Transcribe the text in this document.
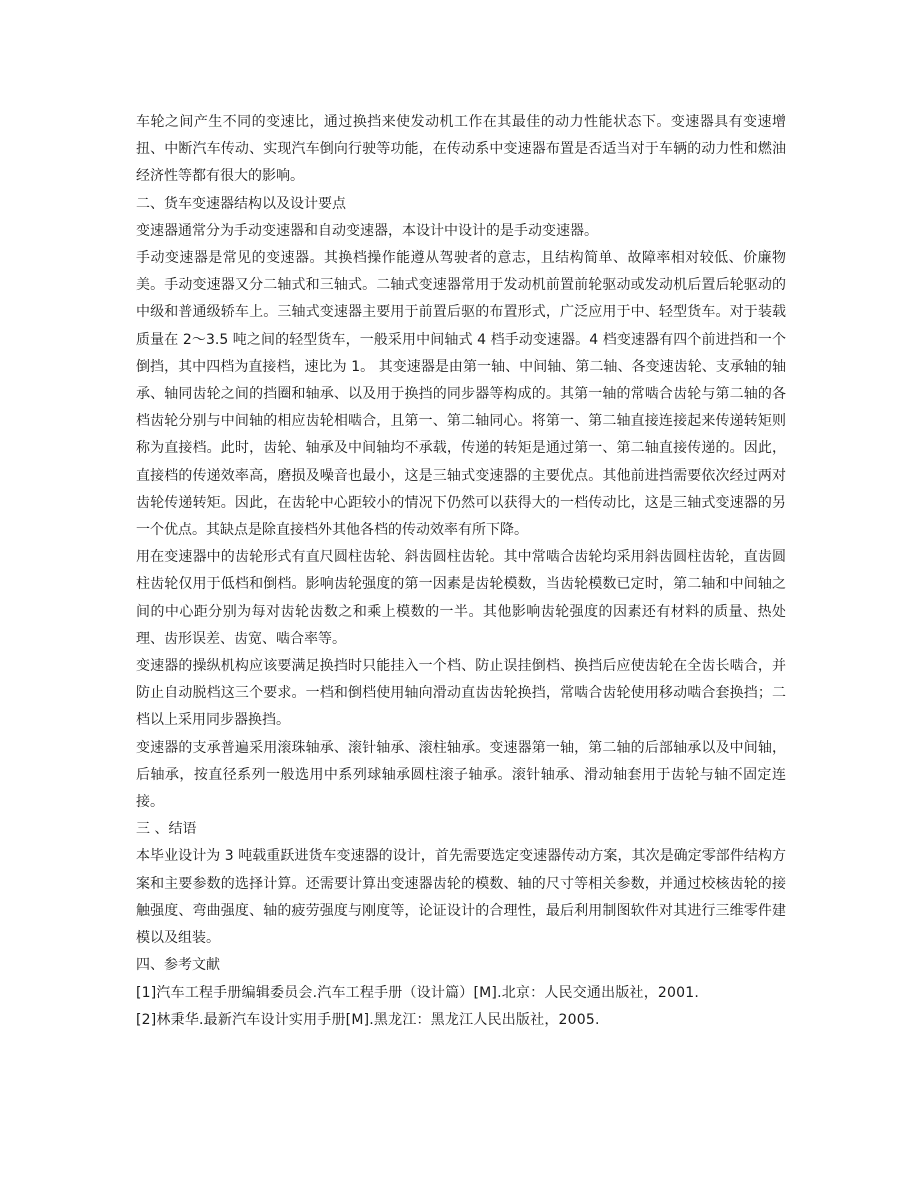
车轮之间产生不同的变速比，通过换挡来使发动机工作在其最佳的动力性能状态下。变速器具有变速增扭、中断汽车传动、实现汽车倒向行驶等功能，在传动系中变速器布置是否适当对于车辆的动力性和燃油经济性等都有很大的影响。

二、货车变速器结构以及设计要点

变速器通常分为手动变速器和自动变速器，本设计中设计的是手动变速器。

手动变速器是常见的变速器。其换档操作能遵从驾驶者的意志，且结构简单、故障率相对较低、价廉物美。手动变速器又分二轴式和三轴式。二轴式变速器常用于发动机前置前轮驱动或发动机后置后轮驱动的中级和普通级轿车上。三轴式变速器主要用于前置后驱的布置形式，广泛应用于中、轻型货车。对于装载质量在 2～3.5 吨之间的轻型货车，一般采用中间轴式 4 档手动变速器。4 档变速器有四个前进挡和一个倒挡，其中四档为直接档，速比为 1。 其变速器是由第一轴、中间轴、第二轴、各变速齿轮、支承轴的轴承、轴同齿轮之间的挡圈和轴承、以及用于换挡的同步器等构成的。其第一轴的常啮合齿轮与第二轴的各档齿轮分别与中间轴的相应齿轮相啮合，且第一、第二轴同心。将第一、第二轴直接连接起来传递转矩则称为直接档。此时，齿轮、轴承及中间轴均不承载，传递的转矩是通过第一、第二轴直接传递的。因此，直接档的传递效率高，磨损及噪音也最小，这是三轴式变速器的主要优点。其他前进挡需要依次经过两对齿轮传递转矩。因此，在齿轮中心距较小的情况下仍然可以获得大的一档传动比，这是三轴式变速器的另一个优点。其缺点是除直接档外其他各档的传动效率有所下降。

用在变速器中的齿轮形式有直尺圆柱齿轮、斜齿圆柱齿轮。其中常啮合齿轮均采用斜齿圆柱齿轮，直齿圆柱齿轮仅用于低档和倒档。影响齿轮强度的第一因素是齿轮模数，当齿轮模数已定时，第二轴和中间轴之间的中心距分别为每对齿轮齿数之和乘上模数的一半。其他影响齿轮强度的因素还有材料的质量、热处理、齿形误差、齿宽、啮合率等。

变速器的操纵机构应该要满足换挡时只能挂入一个档、防止误挂倒档、换挡后应使齿轮在全齿长啮合，并防止自动脱档这三个要求。一档和倒档使用轴向滑动直齿齿轮换挡，常啮合齿轮使用移动啮合套换挡；二档以上采用同步器换挡。

变速器的支承普遍采用滚珠轴承、滚针轴承、滚柱轴承。变速器第一轴，第二轴的后部轴承以及中间轴，后轴承，按直径系列一般选用中系列球轴承圆柱滚子轴承。滚针轴承、滑动轴套用于齿轮与轴不固定连接。

三 、结语

本毕业设计为 3 吨载重跃进货车变速器的设计，首先需要选定变速器传动方案，其次是确定零部件结构方案和主要参数的选择计算。还需要计算出变速器齿轮的模数、轴的尺寸等相关参数，并通过校核齿轮的接触强度、弯曲强度、轴的疲劳强度与刚度等，论证设计的合理性，最后利用制图软件对其进行三维零件建模以及组装。

四、参考文献

[1]汽车工程手册编辑委员会.汽车工程手册（设计篇）[M].北京：人民交通出版社，2001.

[2]林秉华.最新汽车设计实用手册[M].黑龙江：黑龙江人民出版社，2005.
